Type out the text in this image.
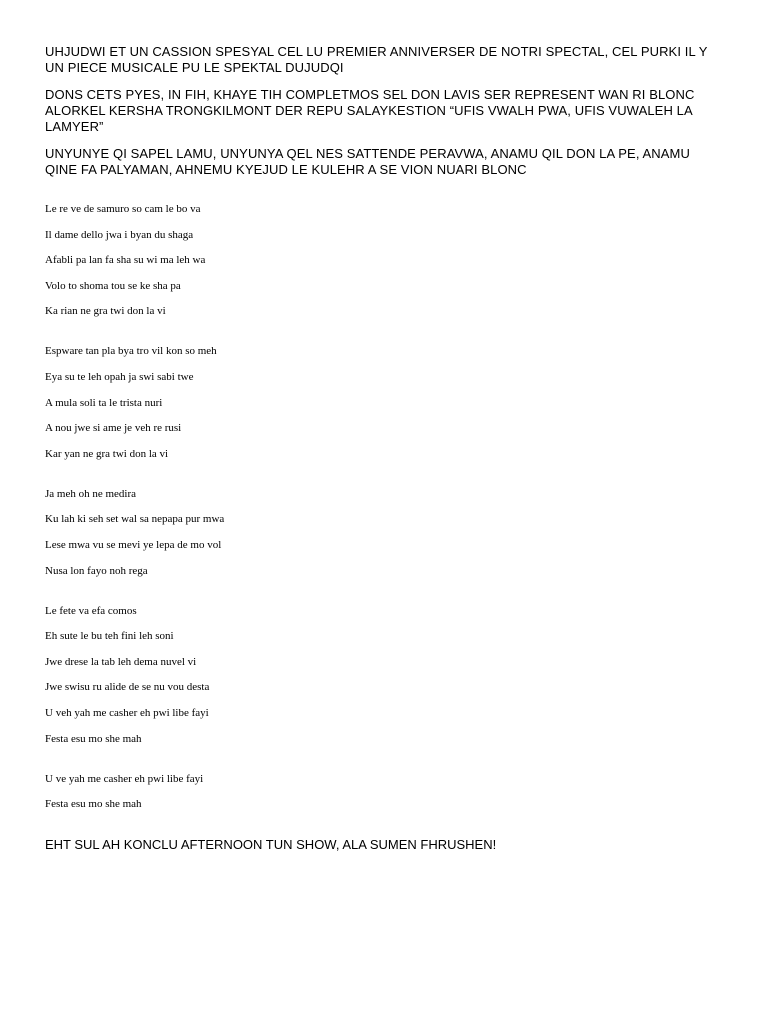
UHJUDWI ET UN CASSION SPESYAL CEL LU PREMIER ANNIVERSER DE NOTRI SPECTAL, CEL PURKI IL Y UN PIECE MUSICALE PU LE SPEKTAL DUJUDQI

DONS CETS PYES, IN FIH, KHAYE TIH COMPLETMOS SEL DON LAVIS SER REPRESENT WAN RI BLONC ALORKEL KERSHA TRONGKILMONT DER REPU SALAYKESTION “UFIS VWALH PWA, UFIS VUWALEH LA LAMYER”

UNYUNYE QI SAPEL LAMU, UNYUNYA QEL NES SATTENDE PERAVWA, ANAMU QIL DON LA PE, ANAMU QINE FA PALYAMAN, AHNEMU KYEJUD LE KULEHR A SE VION NUARI BLONC

Le re ve de samuro so cam le bo va
Il dame dello jwa i byan du shaga
Afabli pa lan fa sha su wi ma leh wa
Volo to shoma tou se ke sha pa
Ka rian ne gra twi don la vi
Espware tan pla bya tro vil kon so meh
Eya su te leh opah ja swi sabi twe
A mula soli ta le trista nuri
A nou jwe si ame je veh re rusi
Kar yan ne gra twi don la vi
Ja meh oh ne medira
Ku lah ki seh set wal sa nepapa pur mwa
Lese mwa vu se mevi ye lepa de mo vol
Nusa lon fayo noh rega
Le fete va efa comos
Eh sute le bu teh fini leh soni
Jwe drese la tab leh dema nuvel vi
Jwe swisu ru alide de se nu vou desta
U veh yah me casher eh pwi libe fayi
Festa esu mo she mah
U ve yah me casher eh pwi libe fayi
Festa esu mo she mah

EHT SUL AH KONCLU AFTERNOON TUN SHOW, ALA SUMEN FHRUSHEN!
